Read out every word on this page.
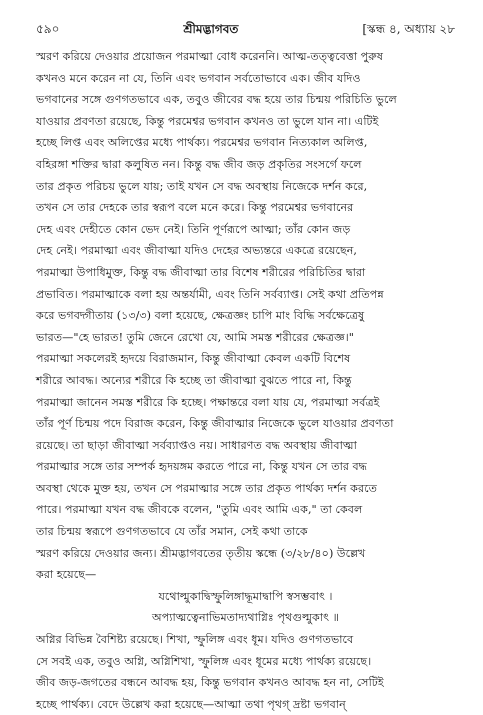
৫৯০	শ্রীমদ্ভাগবত	[স্কন্ধ ৪, অধ্যায় ২৮

স্মরণ করিয়ে দেওয়ার প্রয়োজন পরমাত্মা বোধ করেননি। আত্ম-তত্ত্ববেত্তা পুরুষ

কখনও মনে করেন না যে, তিনি এবং ভগবান সর্বতোভাবে এক। জীব যদিও

ভগবানের সঙ্গে গুণগতভাবে এক, তবুও জীবের বদ্ধ হয়ে তার চিন্ময় পরিচিতি ভুলে

যাওয়ার প্রবণতা রয়েছে, কিন্তু পরমেশ্বর ভগবান কখনও তা ভুলে যান না। এটিই

হচ্ছে লিপ্ত এবং অলিপ্তের মধ্যে পার্থক্য। পরমেশ্বর ভগবান নিত্যকাল অলিপ্ত,

বহিরঙ্গা শক্তির দ্বারা কলুষিত নন। কিন্তু বদ্ধ জীব জড় প্রকৃতির সংসর্গে ফলে

তার প্রকৃত পরিচয় ভুলে যায়; তাই যখন সে বদ্ধ অবস্থায় নিজেকে দর্শন করে,

তখন সে তার দেহকে তার স্বরূপ বলে মনে করে। কিন্তু পরমেশ্বর ভগবানের

দেহ এবং দেহীতে কোন ভেদ নেই। তিনি পূর্ণরূপে আত্মা; তাঁর কোন জড়

দেহ নেই। পরমাত্মা এবং জীবাত্মা যদিও দেহের অভ্যন্তরে একত্রে রয়েছেন,

পরমাত্মা উপাধিমুক্ত, কিন্তু বদ্ধ জীবাত্মা তার বিশেষ শরীরের পরিচিতির দ্বারা

প্রভাবিত। পরমাত্মাকে বলা হয় অন্তর্যামী, এবং তিনি সর্বব্যাপ্ত। সেই কথা প্রতিপন্ন

করে ভগবদ্গীতায় (১৩/৩) বলা হয়েছে, ক্ষেত্রজ্ঞং চাপি মাং বিদ্ধি সর্বক্ষেত্রেষু

ভারত—"হে ভারত! তুমি জেনে রেখো যে, আমি সমস্ত শরীরের ক্ষেত্রজ্ঞ।"

পরমাত্মা সকলেরই হৃদয়ে বিরাজমান, কিন্তু জীবাত্মা কেবল একটি বিশেষ

শরীরে আবদ্ধ। অন্যের শরীরে কি হচ্ছে তা জীবাত্মা বুঝতে পারে না, কিন্তু

পরমাত্মা জানেন সমস্ত শরীরে কি হচ্ছে। পক্ষান্তরে বলা যায় যে, পরমাত্মা সর্বত্রই

তাঁর পূর্ণ চিন্ময় পদে বিরাজ করেন, কিন্তু জীবাত্মার নিজেকে ভুলে যাওয়ার প্রবণতা

রয়েছে। তা ছাড়া জীবাত্মা সর্বব্যাপ্তও নয়। সাধারণত বদ্ধ অবস্থায় জীবাত্মা

পরমাত্মার সঙ্গে তার সম্পর্ক হৃদয়ঙ্গম করতে পারে না, কিন্তু যখন সে তার বদ্ধ

অবস্থা থেকে মুক্ত হয়, তখন সে পরমাত্মার সঙ্গে তার প্রকৃত পার্থক্য দর্শন করতে

পারে। পরমাত্মা যখন বদ্ধ জীবকে বলেন, "তুমি এবং আমি এক," তা কেবল

তার চিন্ময় স্বরূপে গুণগতভাবে যে তাঁর সমান, সেই কথা তাকে

স্মরণ করিয়ে দেওয়ার জন্য। শ্রীমদ্ভাগবতের তৃতীয় স্কন্ধে (৩/২৮/৪০) উল্লেখ

করা হয়েছে—

যথোল্মুকাদ্বিস্ফুলিঙ্গাদ্ধূমাদ্বাপি স্বসম্ভবাৎ ।

অপ্যাত্মত্বেনাভিমতাদ্যথাগ্নিঃ পৃথগুল্মুকাৎ ॥

অগ্নির বিভিন্ন বৈশিষ্ট্য রয়েছে। শিখা, স্ফুলিঙ্গ এবং ধূম। যদিও গুণগতভাবে

সে সবই এক, তবুও অগ্নি, অগ্নিশিখা, স্ফুলিঙ্গ এবং ধূমের মধ্যে পার্থক্য রয়েছে।

জীব জড়-জগতের বন্ধনে আবদ্ধ হয়, কিন্তু ভগবান কখনও আবদ্ধ হন না, সেটিই

হচ্ছে পার্থক্য। বেদে উল্লেখ করা হয়েছে—আত্মা তথা পৃথগ্ দ্রষ্টা ভগবান্
